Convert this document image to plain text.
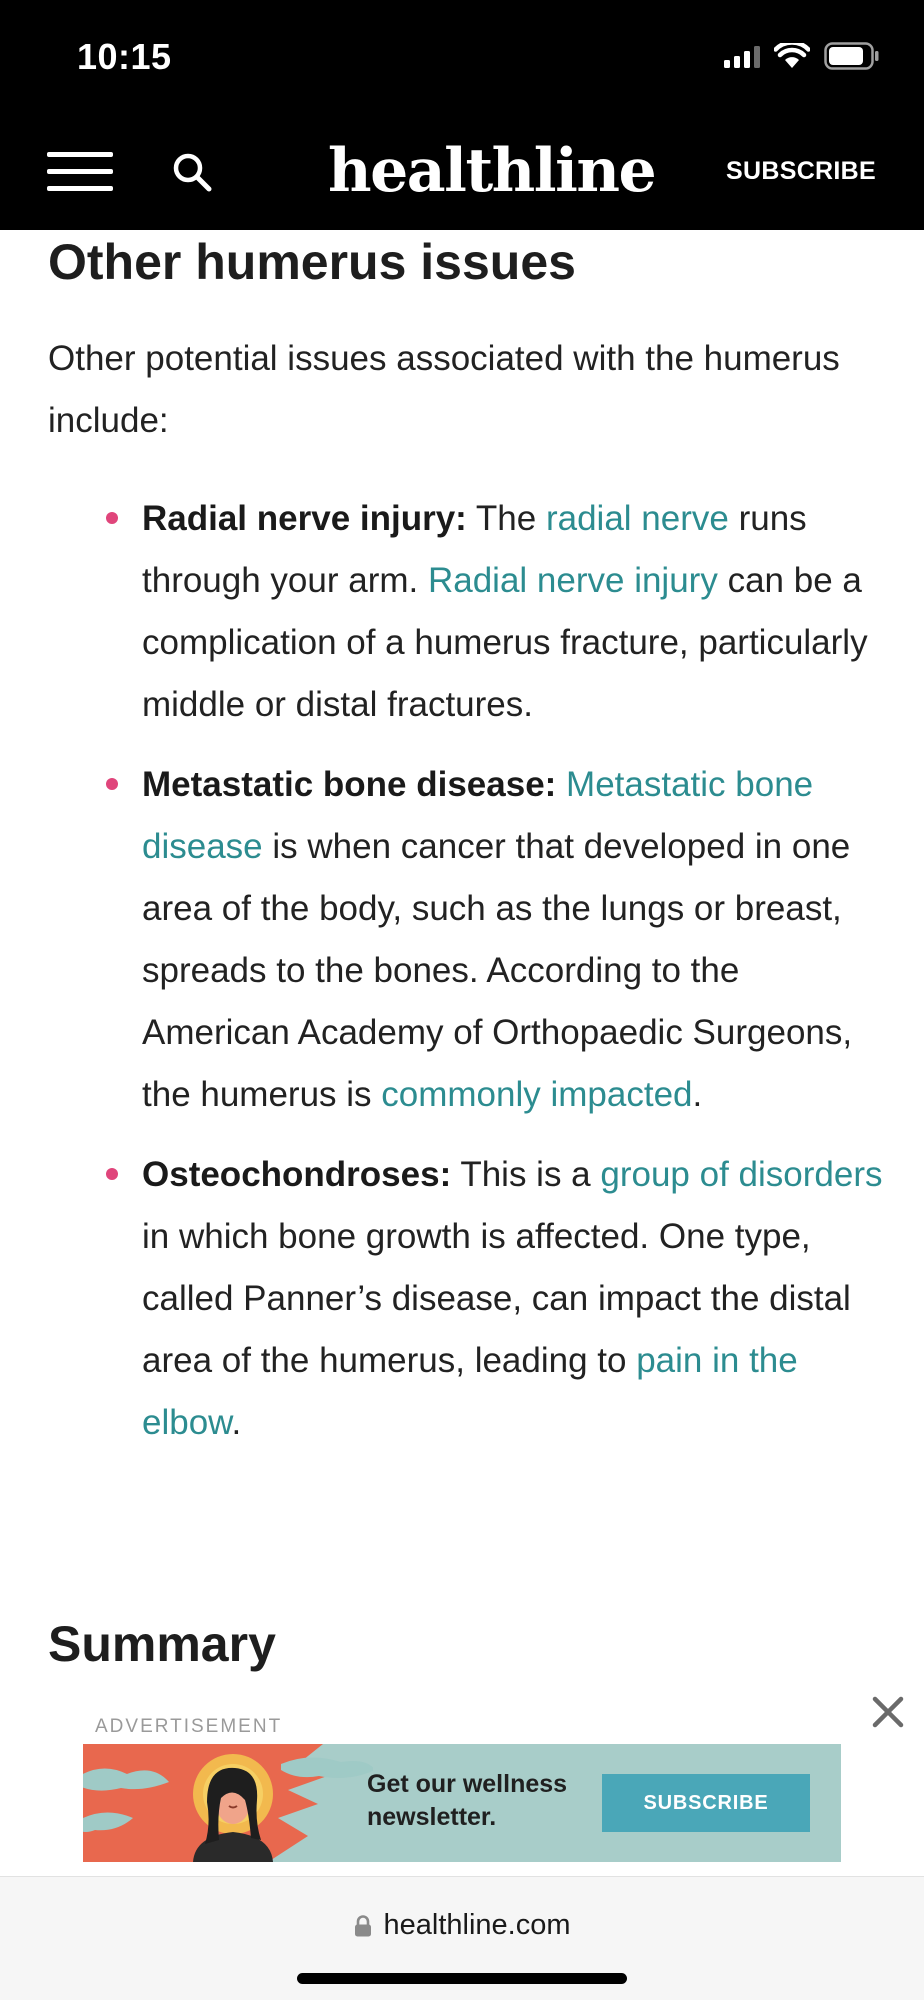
10:15
healthline	SUBSCRIBE
Other humerus issues

Other potential issues associated with the humerus include:

Radial nerve injury: The radial nerve runs through your arm. Radial nerve injury can be a complication of a humerus fracture, particularly middle or distal fractures.
Metastatic bone disease: Metastatic bone disease is when cancer that developed in one area of the body, such as the lungs or breast, spreads to the bones. According to the American Academy of Orthopaedic Surgeons, the humerus is commonly impacted.
Osteochondroses: This is a group of disorders in which bone growth is affected. One type, called Panner’s disease, can impact the distal area of the humerus, leading to pain in the elbow.
Summary
ADVERTISEMENT
Get our wellness newsletter.
SUBSCRIBE
healthline.com
